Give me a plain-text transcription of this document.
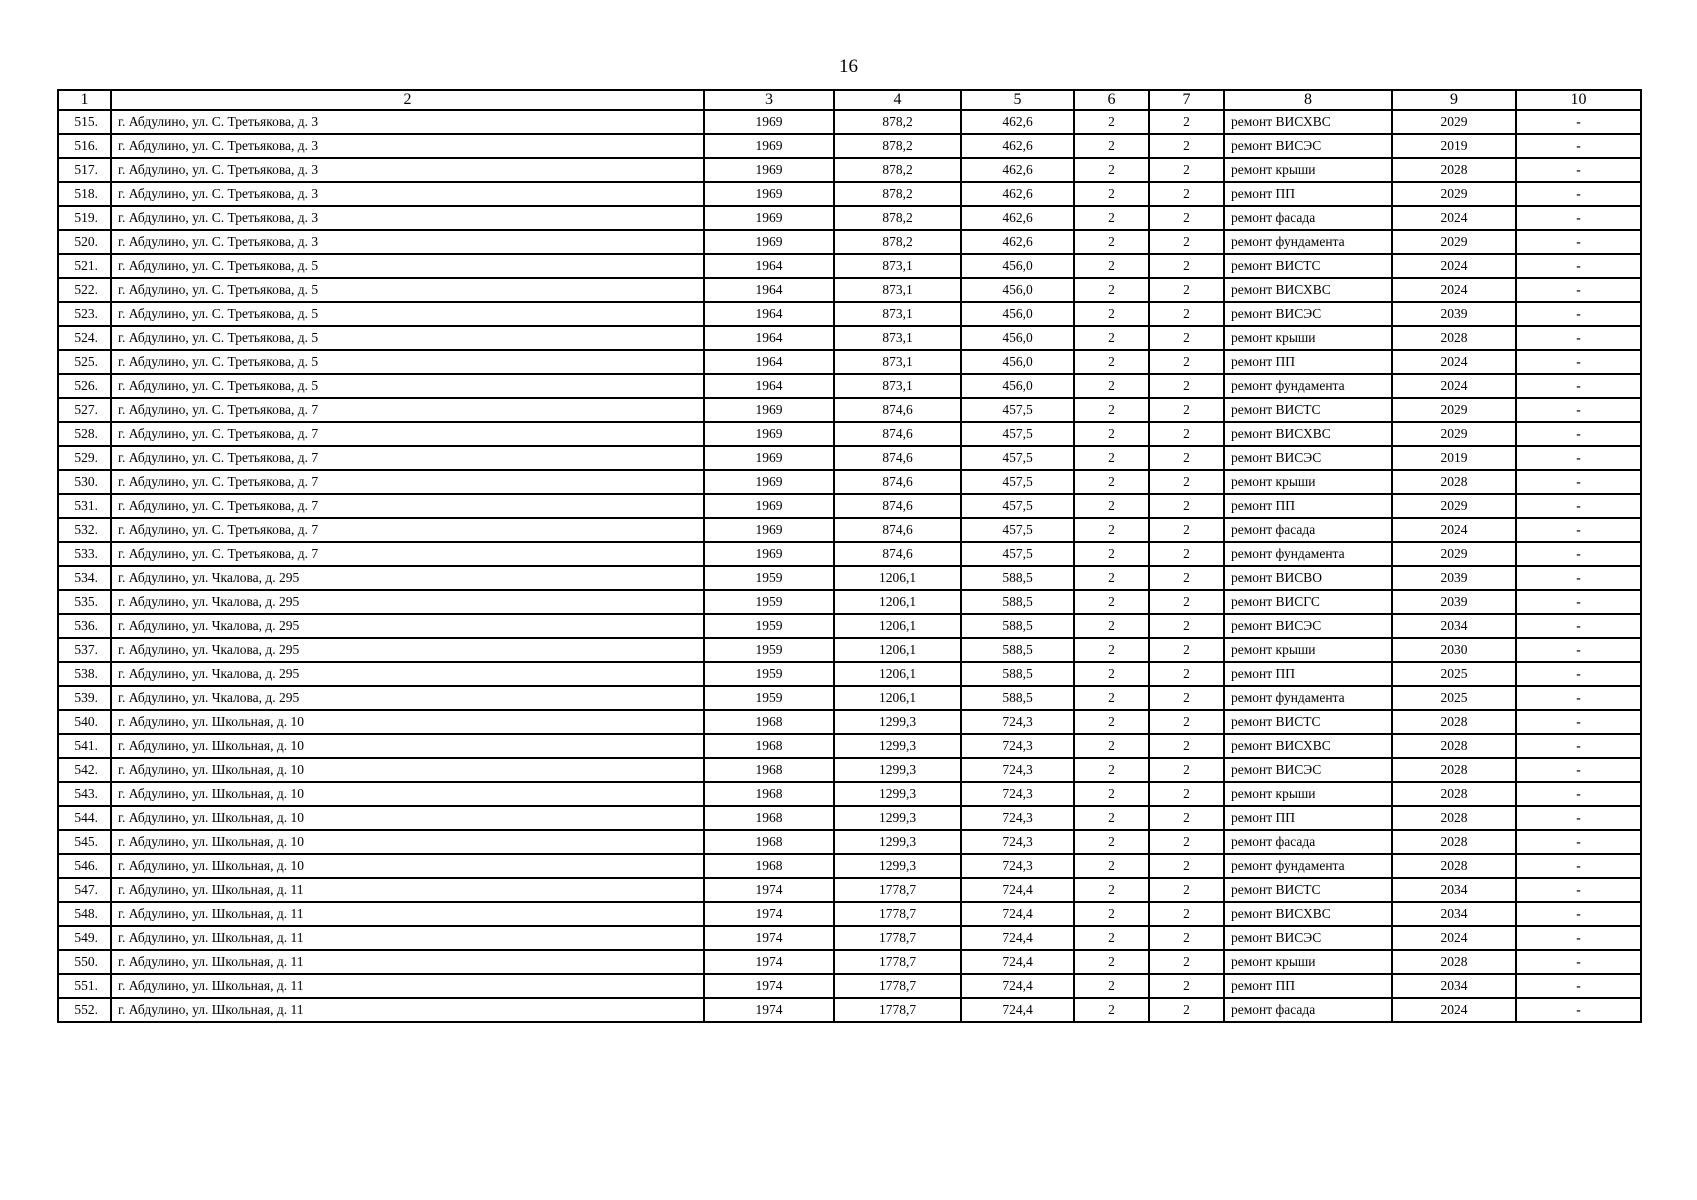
16
1	2	3	4	5	6	7	8	9	10
515.	г. Абдулино, ул. С. Третьякова, д. 3	1969	878,2	462,6	2	2	ремонт ВИСХВС	2029	-
516.	г. Абдулино, ул. С. Третьякова, д. 3	1969	878,2	462,6	2	2	ремонт ВИСЭС	2019	-
517.	г. Абдулино, ул. С. Третьякова, д. 3	1969	878,2	462,6	2	2	ремонт крыши	2028	-
518.	г. Абдулино, ул. С. Третьякова, д. 3	1969	878,2	462,6	2	2	ремонт ПП	2029	-
519.	г. Абдулино, ул. С. Третьякова, д. 3	1969	878,2	462,6	2	2	ремонт фасада	2024	-
520.	г. Абдулино, ул. С. Третьякова, д. 3	1969	878,2	462,6	2	2	ремонт фундамента	2029	-
521.	г. Абдулино, ул. С. Третьякова, д. 5	1964	873,1	456,0	2	2	ремонт ВИСТС	2024	-
522.	г. Абдулино, ул. С. Третьякова, д. 5	1964	873,1	456,0	2	2	ремонт ВИСХВС	2024	-
523.	г. Абдулино, ул. С. Третьякова, д. 5	1964	873,1	456,0	2	2	ремонт ВИСЭС	2039	-
524.	г. Абдулино, ул. С. Третьякова, д. 5	1964	873,1	456,0	2	2	ремонт крыши	2028	-
525.	г. Абдулино, ул. С. Третьякова, д. 5	1964	873,1	456,0	2	2	ремонт ПП	2024	-
526.	г. Абдулино, ул. С. Третьякова, д. 5	1964	873,1	456,0	2	2	ремонт фундамента	2024	-
527.	г. Абдулино, ул. С. Третьякова, д. 7	1969	874,6	457,5	2	2	ремонт ВИСТС	2029	-
528.	г. Абдулино, ул. С. Третьякова, д. 7	1969	874,6	457,5	2	2	ремонт ВИСХВС	2029	-
529.	г. Абдулино, ул. С. Третьякова, д. 7	1969	874,6	457,5	2	2	ремонт ВИСЭС	2019	-
530.	г. Абдулино, ул. С. Третьякова, д. 7	1969	874,6	457,5	2	2	ремонт крыши	2028	-
531.	г. Абдулино, ул. С. Третьякова, д. 7	1969	874,6	457,5	2	2	ремонт ПП	2029	-
532.	г. Абдулино, ул. С. Третьякова, д. 7	1969	874,6	457,5	2	2	ремонт фасада	2024	-
533.	г. Абдулино, ул. С. Третьякова, д. 7	1969	874,6	457,5	2	2	ремонт фундамента	2029	-
534.	г. Абдулино, ул. Чкалова, д. 295	1959	1206,1	588,5	2	2	ремонт ВИСВО	2039	-
535.	г. Абдулино, ул. Чкалова, д. 295	1959	1206,1	588,5	2	2	ремонт ВИСГС	2039	-
536.	г. Абдулино, ул. Чкалова, д. 295	1959	1206,1	588,5	2	2	ремонт ВИСЭС	2034	-
537.	г. Абдулино, ул. Чкалова, д. 295	1959	1206,1	588,5	2	2	ремонт крыши	2030	-
538.	г. Абдулино, ул. Чкалова, д. 295	1959	1206,1	588,5	2	2	ремонт ПП	2025	-
539.	г. Абдулино, ул. Чкалова, д. 295	1959	1206,1	588,5	2	2	ремонт фундамента	2025	-
540.	г. Абдулино, ул. Школьная, д. 10	1968	1299,3	724,3	2	2	ремонт ВИСТС	2028	-
541.	г. Абдулино, ул. Школьная, д. 10	1968	1299,3	724,3	2	2	ремонт ВИСХВС	2028	-
542.	г. Абдулино, ул. Школьная, д. 10	1968	1299,3	724,3	2	2	ремонт ВИСЭС	2028	-
543.	г. Абдулино, ул. Школьная, д. 10	1968	1299,3	724,3	2	2	ремонт крыши	2028	-
544.	г. Абдулино, ул. Школьная, д. 10	1968	1299,3	724,3	2	2	ремонт ПП	2028	-
545.	г. Абдулино, ул. Школьная, д. 10	1968	1299,3	724,3	2	2	ремонт фасада	2028	-
546.	г. Абдулино, ул. Школьная, д. 10	1968	1299,3	724,3	2	2	ремонт фундамента	2028	-
547.	г. Абдулино, ул. Школьная, д. 11	1974	1778,7	724,4	2	2	ремонт ВИСТС	2034	-
548.	г. Абдулино, ул. Школьная, д. 11	1974	1778,7	724,4	2	2	ремонт ВИСХВС	2034	-
549.	г. Абдулино, ул. Школьная, д. 11	1974	1778,7	724,4	2	2	ремонт ВИСЭС	2024	-
550.	г. Абдулино, ул. Школьная, д. 11	1974	1778,7	724,4	2	2	ремонт крыши	2028	-
551.	г. Абдулино, ул. Школьная, д. 11	1974	1778,7	724,4	2	2	ремонт ПП	2034	-
552.	г. Абдулино, ул. Школьная, д. 11	1974	1778,7	724,4	2	2	ремонт фасада	2024	-
